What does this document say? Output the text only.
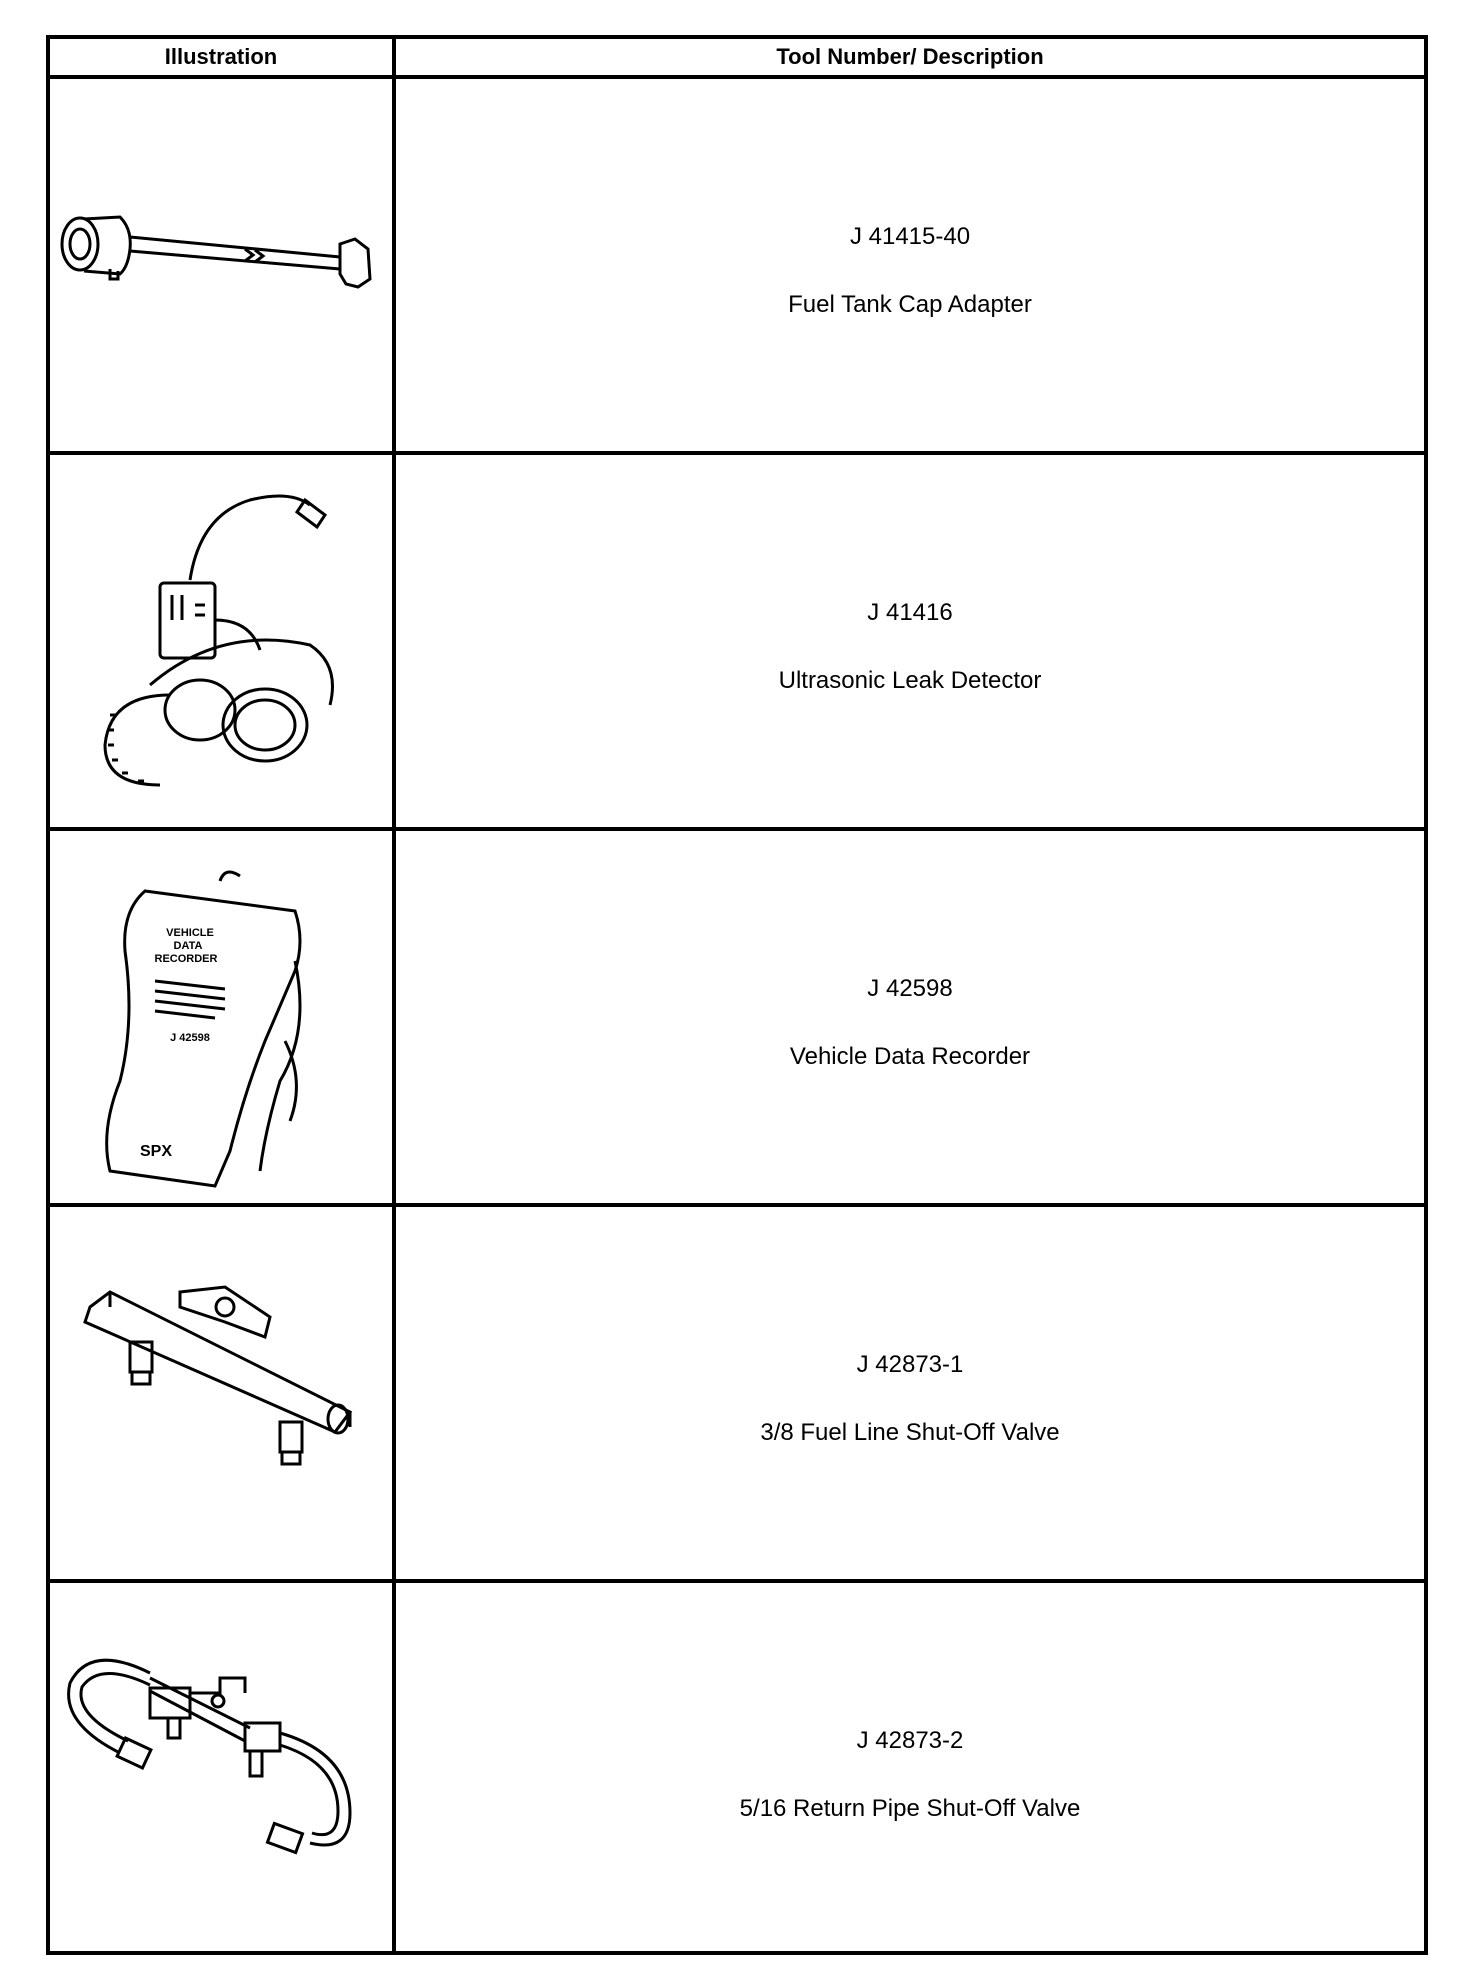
Illustration	Tool Number/ Description
J 41415-40
Fuel Tank Cap Adapter
J 41416
Ultrasonic Leak Detector
VEHICLE
DATA
RECORDER
J 42598
SPX
J 42598
Vehicle Data Recorder
J 42873-1
3/8 Fuel Line Shut-Off Valve
J 42873-2
5/16 Return Pipe Shut-Off Valve
